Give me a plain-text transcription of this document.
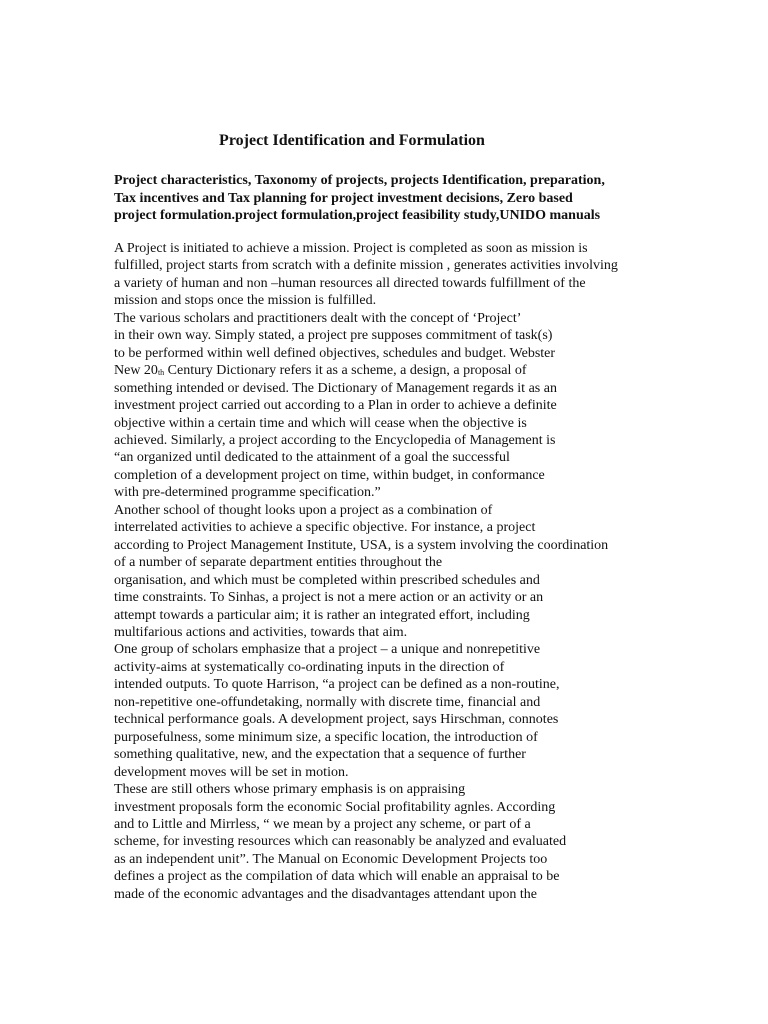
Project Identification and Formulation
Project characteristics, Taxonomy of projects, projects Identification, preparation,
Tax incentives and Tax planning for project investment decisions, Zero based
project formulation.project formulation,project feasibility study,UNIDO manuals
A Project is initiated to achieve a mission. Project is completed as soon as mission is
fulfilled, project starts from scratch with a definite mission , generates activities involving
a variety of human and non –human resources all directed towards fulfillment of the
mission and stops once the mission is fulfilled.
The various scholars and practitioners dealt with the concept of ‘Project’
in their own way. Simply stated, a project pre supposes commitment of task(s)
to be performed within well defined objectives, schedules and budget. Webster
New $20_{th}$ Century Dictionary refers it as a scheme, a design, a proposal of
something intended or devised. The Dictionary of Management regards it as an
investment project carried out according to a Plan in order to achieve a definite
objective within a certain time and which will cease when the objective is
achieved. Similarly, a project according to the Encyclopedia of Management is
“an organized until dedicated to the attainment of a goal the successful
completion of a development project on time, within budget, in conformance
with pre-determined programme specification.”
Another school of thought looks upon a project as a combination of
interrelated activities to achieve a specific objective. For instance, a project
according to Project Management Institute, USA, is a system involving the coordination
of a number of separate department entities throughout the
organisation, and which must be completed within prescribed schedules and
time constraints. To Sinhas, a project is not a mere action or an activity or an
attempt towards a particular aim; it is rather an integrated effort, including
multifarious actions and activities, towards that aim.
One group of scholars emphasize that a project – a unique and nonrepetitive
activity-aims at systematically co-ordinating inputs in the direction of
intended outputs. To quote Harrison, “a project can be defined as a non-routine,
non-repetitive one-offundetaking, normally with discrete time, financial and
technical performance goals. A development project, says Hirschman, connotes
purposefulness, some minimum size, a specific location, the introduction of
something qualitative, new, and the expectation that a sequence of further
development moves will be set in motion.
These are still others whose primary emphasis is on appraising
investment proposals form the economic Social profitability agnles. According
and to Little and Mirrless, “ we mean by a project any scheme, or part of a
scheme, for investing resources which can reasonably be analyzed and evaluated
as an independent unit”. The Manual on Economic Development Projects too
defines a project as the compilation of data which will enable an appraisal to be
made of the economic advantages and the disadvantages attendant upon the
